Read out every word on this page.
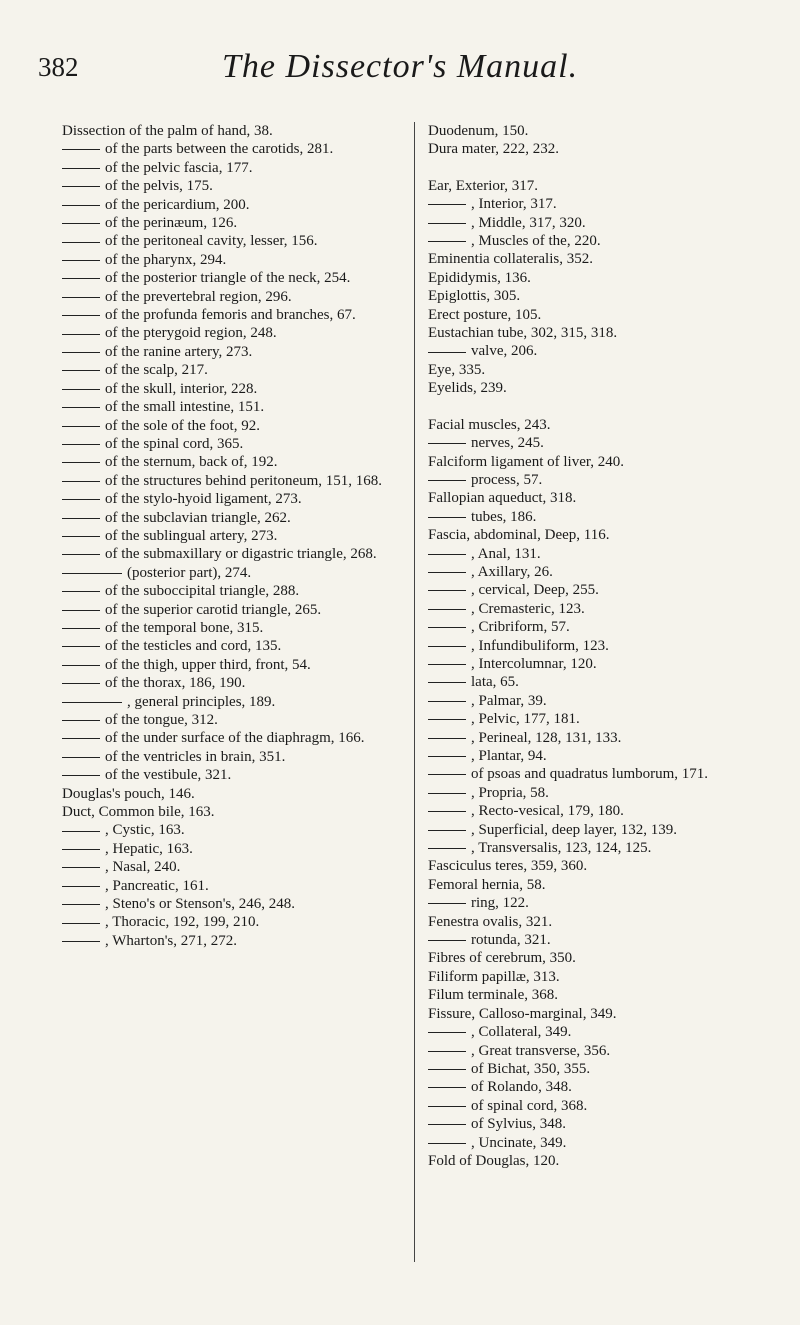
382	The Dissector's Manual.
Dissection of the palm of hand, 38.
of the parts between the carotids, 281.
of the pelvic fascia, 177.
of the pelvis, 175.
of the pericardium, 200.
of the perinæum, 126.
of the peritoneal cavity, lesser, 156.
of the pharynx, 294.
of the posterior triangle of the neck, 254.
of the prevertebral region, 296.
of the profunda femoris and branches, 67.
of the pterygoid region, 248.
of the ranine artery, 273.
of the scalp, 217.
of the skull, interior, 228.
of the small intestine, 151.
of the sole of the foot, 92.
of the spinal cord, 365.
of the sternum, back of, 192.
of the structures behind peritoneum, 151, 168.
of the stylo-hyoid ligament, 273.
of the subclavian triangle, 262.
of the sublingual artery, 273.
of the submaxillary or digastric triangle, 268.
(posterior part), 274.
of the suboccipital triangle, 288.
of the superior carotid triangle, 265.
of the temporal bone, 315.
of the testicles and cord, 135.
of the thigh, upper third, front, 54.
of the thorax, 186, 190.
, general principles, 189.
of the tongue, 312.
of the under surface of the diaphragm, 166.
of the ventricles in brain, 351.
of the vestibule, 321.
Douglas's pouch, 146.
Duct, Common bile, 163.
, Cystic, 163.
, Hepatic, 163.
, Nasal, 240.
, Pancreatic, 161.
, Steno's or Stenson's, 246, 248.
, Thoracic, 192, 199, 210.
, Wharton's, 271, 272.
Duodenum, 150.
Dura mater, 222, 232.
Ear, Exterior, 317.
, Interior, 317.
, Middle, 317, 320.
, Muscles of the, 220.
Eminentia collateralis, 352.
Epididymis, 136.
Epiglottis, 305.
Erect posture, 105.
Eustachian tube, 302, 315, 318.
valve, 206.
Eye, 335.
Eyelids, 239.
Facial muscles, 243.
nerves, 245.
Falciform ligament of liver, 240.
process, 57.
Fallopian aqueduct, 318.
tubes, 186.
Fascia, abdominal, Deep, 116.
, Anal, 131.
, Axillary, 26.
, cervical, Deep, 255.
, Cremasteric, 123.
, Cribriform, 57.
, Infundibuliform, 123.
, Intercolumnar, 120.
lata, 65.
, Palmar, 39.
, Pelvic, 177, 181.
, Perineal, 128, 131, 133.
, Plantar, 94.
of psoas and quadratus lumborum, 171.
, Propria, 58.
, Recto-vesical, 179, 180.
, Superficial, deep layer, 132, 139.
, Transversalis, 123, 124, 125.
Fasciculus teres, 359, 360.
Femoral hernia, 58.
ring, 122.
Fenestra ovalis, 321.
rotunda, 321.
Fibres of cerebrum, 350.
Filiform papillæ, 313.
Filum terminale, 368.
Fissure, Calloso-marginal, 349.
, Collateral, 349.
, Great transverse, 356.
of Bichat, 350, 355.
of Rolando, 348.
of spinal cord, 368.
of Sylvius, 348.
, Uncinate, 349.
Fold of Douglas, 120.
